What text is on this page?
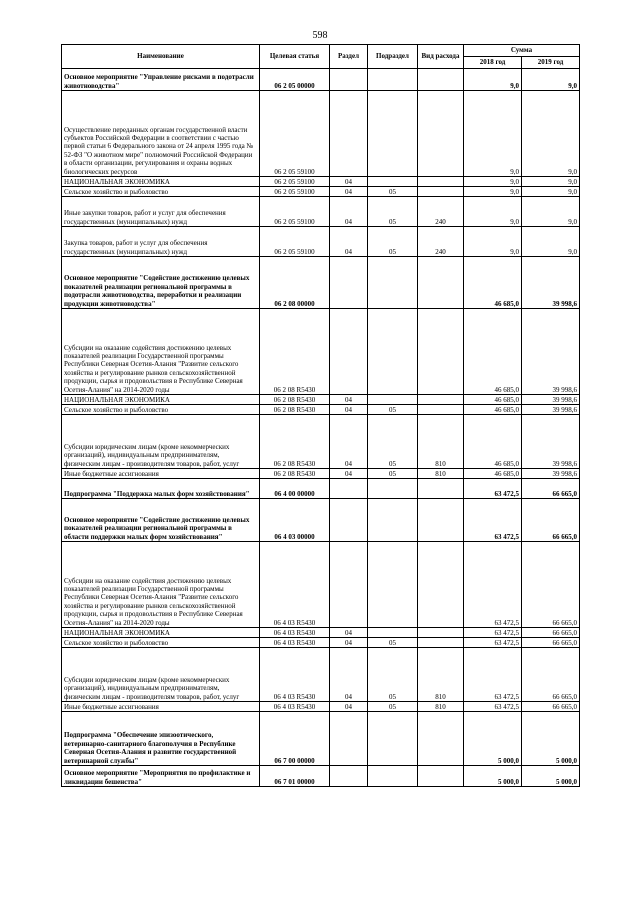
598
Наименование	Целевая статья	Раздел	Подраздел	Вид расхода	Сумма	
					2018 год	2019 год
Основное мероприятие "Управление рисками в подотрасли животноводства"	06 2 05 00000				9,0	9,0
Осуществление переданных органам государственной власти субъектов Российской Федерации в соответствии с частью первой статьи 6 Федерального закона от 24 апреля 1995 года № 52-ФЗ "О животном мире" полномочий Российской Федерации в области организации, регулирования и охраны водных биологических ресурсов	06 2 05 59100				9,0	9,0
НАЦИОНАЛЬНАЯ ЭКОНОМИКА	06 2 05 59100	04			9,0	9,0
Сельское хозяйство и рыболовство	06 2 05 59100	04	05		9,0	9,0
Иные закупки товаров, работ и услуг для обеспечения государственных (муниципальных) нужд	06 2 05 59100	04	05	240	9,0	9,0
Закупка товаров, работ и услуг для обеспечения государственных (муниципальных) нужд	06 2 05 59100	04	05	240	9,0	9,0
Основное мероприятие "Содействие достижению целевых показателей реализации региональной программы в подотрасли животноводства, переработки и реализации продукции животноводства"	06 2 08 00000				46 685,0	39 998,6
Субсидии на оказание содействия достижению целевых показателей реализации Государственной программы Республики Северная Осетия-Алания "Развитие сельского хозяйства и регулирование рынков сельскохозяйственной продукции, сырья и продовольствия в Республике Северная Осетия-Алания" на 2014-2020 годы	06 2 08 R5430				46 685,0	39 998,6
НАЦИОНАЛЬНАЯ ЭКОНОМИКА	06 2 08 R5430	04			46 685,0	39 998,6
Сельское хозяйство и рыболовство	06 2 08 R5430	04	05		46 685,0	39 998,6
Субсидии юридическим лицам (кроме некоммерческих организаций), индивидуальным предпринимателям, физическим лицам - производителям товаров, работ, услуг	06 2 08 R5430	04	05	810	46 685,0	39 998,6
Иные бюджетные ассигнования	06 2 08 R5430	04	05	810	46 685,0	39 998,6
Подпрограмма "Поддержка малых форм хозяйствования"	06 4 00 00000				63 472,5	66 665,0
Основное мероприятие "Содействие достижению целевых показателей реализации региональной программы в области поддержки малых форм хозяйствования"	06 4 03 00000				63 472,5	66 665,0
Субсидии на оказание содействия достижению целевых показателей реализации Государственной программы Республики Северная Осетия-Алания "Развитие сельского хозяйства и регулирование рынков сельскохозяйственной продукции, сырья и продовольствия в Республике Северная Осетия-Алания" на 2014-2020 годы	06 4 03 R5430				63 472,5	66 665,0
НАЦИОНАЛЬНАЯ ЭКОНОМИКА	06 4 03 R5430	04			63 472,5	66 665,0
Сельское хозяйство и рыболовство	06 4 03 R5430	04	05		63 472,5	66 665,0
Субсидии юридическим лицам (кроме некоммерческих организаций), индивидуальным предпринимателям, физическим лицам - производителям товаров, работ, услуг	06 4 03 R5430	04	05	810	63 472,5	66 665,0
Иные бюджетные ассигнования	06 4 03 R5430	04	05	810	63 472,5	66 665,0
Подпрограмма "Обеспечение эпизоотического, ветеринарно-санитарного благополучия в Республике Северная Осетия-Алания и развитие государственной ветеринарной службы"	06 7 00 00000				5 000,0	5 000,0
Основное мероприятие "Мероприятия по профилактике и ликвидации бешенства"	06 7 01 00000				5 000,0	5 000,0
